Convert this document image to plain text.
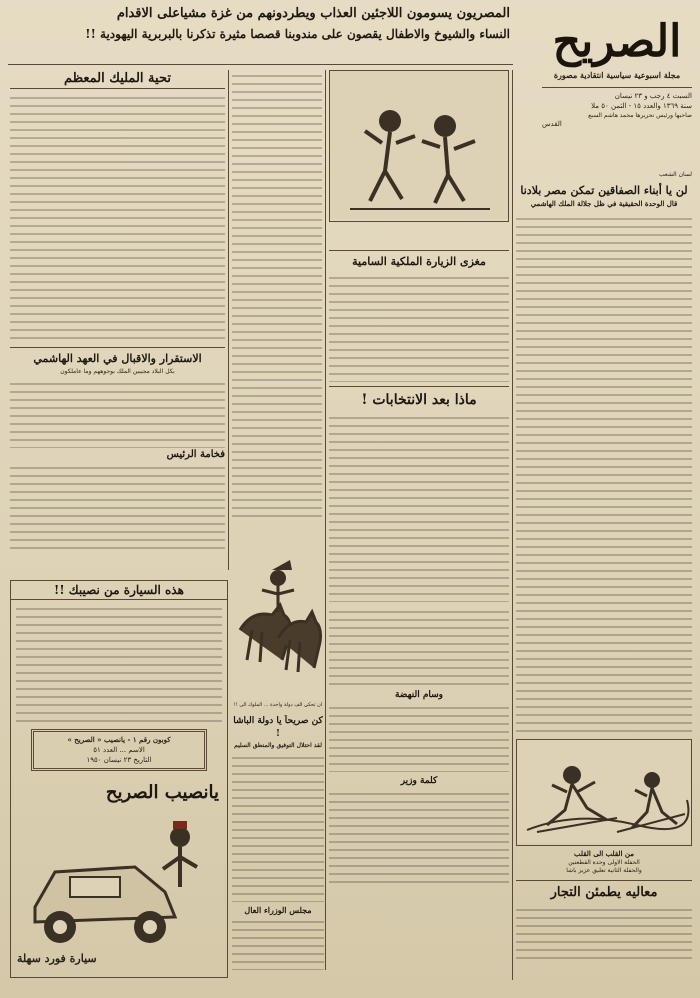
المصريون يسومون اللاجئين العذاب ويطردونهم من غزة مشياعلى الاقدام
النساء والشيوخ والاطفال يقصون على مندوبنا قصصا مثيرة تذكرنا بالبربرية اليهودية !! الصريح
مجلة اسبوعية سياسية انتقادية مصورة
السبت ٤ رجب و ٢٣ نيسان
سنة ١٣٦٩ والعدد ١٥ - الثمن ٥٠ ملا
صاحبها ورئيس تحريرها محمد هاشم السبع
القدس
لسان الشعب
لن يا أبناء الصفاقين تمكن مصر بلادنا
قال الوحدة الحقيقية في ظل جلالة الملك الهاشمي
من القلب الى القلب
الحفلة الاولى وحدة القطعتين
والحفلة الثانية تعليق عزيز باشا
معاليه يطمئن التجار
مغزى الزيارة الملكية السامية
ماذا بعد الانتخابات !
وسام النهضة
كلمة وزير
تحية المليك المعظم
الاستقرار والاقبال في العهد الهاشمي
بكل البلاد مجيبين الملك بوجوههم وما عاملكون
فخامة الرئيس
ان تحكي الف دولة واحدة ... الملوك الى !!
كن صريحاً يا دولة الباشا !
لقد احتلال التوفيق والمنطق السليم
مجلس الوزراء العال
هذه السيارة من نصيبك !!
كوبون رقم ١ - يانصيب « الصريح »
الاسم ... العدد ٥١
التاريخ ٢٣ نيسان ١٩٥٠
يانصيب الصريح
سيارة فورد سهلة
